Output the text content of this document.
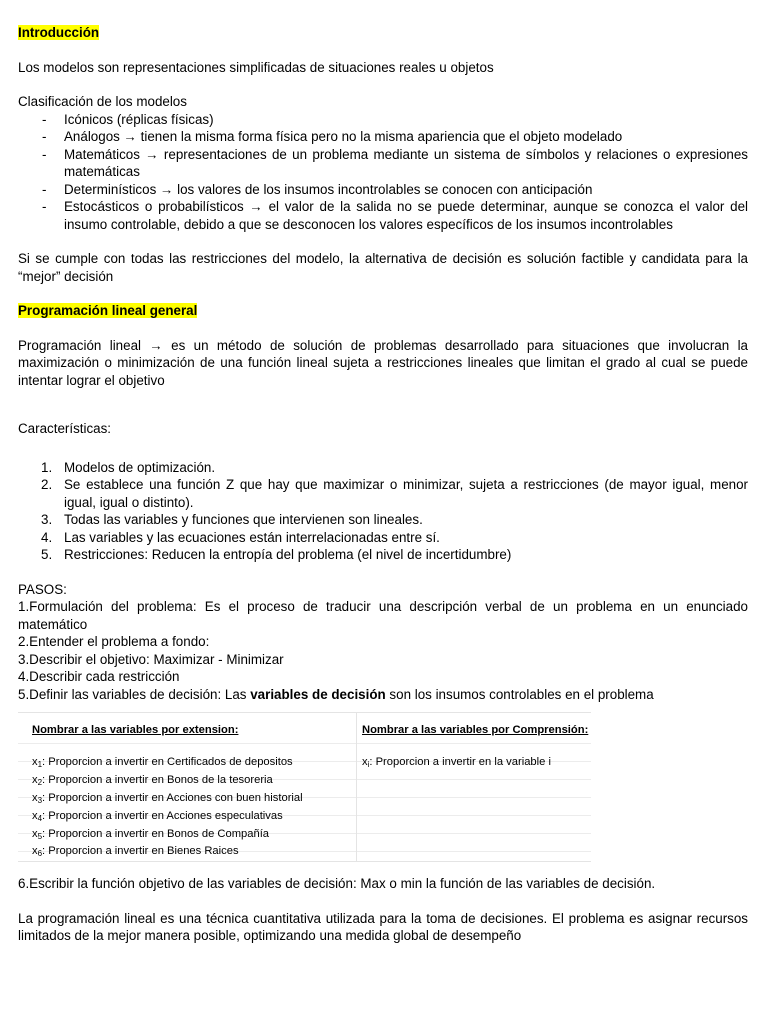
Introducción

Los modelos son representaciones simplificadas de situaciones reales u objetos

Clasificación de los modelos

- Icónicos (réplicas físicas)
- Análogos → tienen la misma forma física pero no la misma apariencia que el objeto modelado
- Matemáticos → representaciones de un problema mediante un sistema de símbolos y relaciones o expresiones matemáticas
- Determinísticos → los valores de los insumos incontrolables se conocen con anticipación
- Estocásticos o probabilísticos → el valor de la salida no se puede determinar, aunque se conozca el valor del insumo controlable, debido a que se desconocen los valores específicos de los insumos incontrolables

Si se cumple con todas las restricciones del modelo, la alternativa de decisión es solución factible y candidata para la “mejor” decisión

Programación lineal general

Programación lineal → es un método de solución de problemas desarrollado para situaciones que involucran la maximización o minimización de una función lineal sujeta a restricciones lineales que limitan el grado al cual se puede intentar lograr el objetivo

Características:

1. Modelos de optimización.
2. Se establece una función Z que hay que maximizar o minimizar, sujeta a restricciones (de mayor igual, menor igual, igual o distinto).
3. Todas las variables y funciones que intervienen son lineales.
4. Las variables y las ecuaciones están interrelacionadas entre sí.
5. Restricciones: Reducen la entropía del problema (el nivel de incertidumbre)

PASOS:

1.Formulación del problema: Es el proceso de traducir una descripción verbal de un problema en un enunciado matemático

2.Entender el problema a fondo:

3.Describir el objetivo: Maximizar - Minimizar

4.Describir cada restricción

5.Definir las variables de decisión: Las variables de decisión son los insumos controlables en el problema

Nombrar a las variables por extension:
$x_1$: Proporcion a invertir en Certificados de depositos
$x_2$: Proporcion a invertir en Bonos de la tesoreria
$x_3$: Proporcion a invertir en Acciones con buen historial
$x_4$: Proporcion a invertir en Acciones especulativas
$x_5$: Proporcion a invertir en Bonos de Compañía
$x_6$: Proporcion a invertir en Bienes Raices
Nombrar a las variables por Comprensión:
$x_i$: Proporcion a invertir en la variable i

6.Escribir la función objetivo de las variables de decisión: Max o min la función de las variables de decisión.

La programación lineal es una técnica cuantitativa utilizada para la toma de decisiones. El problema es asignar recursos limitados de la mejor manera posible, optimizando una medida global de desempeño
